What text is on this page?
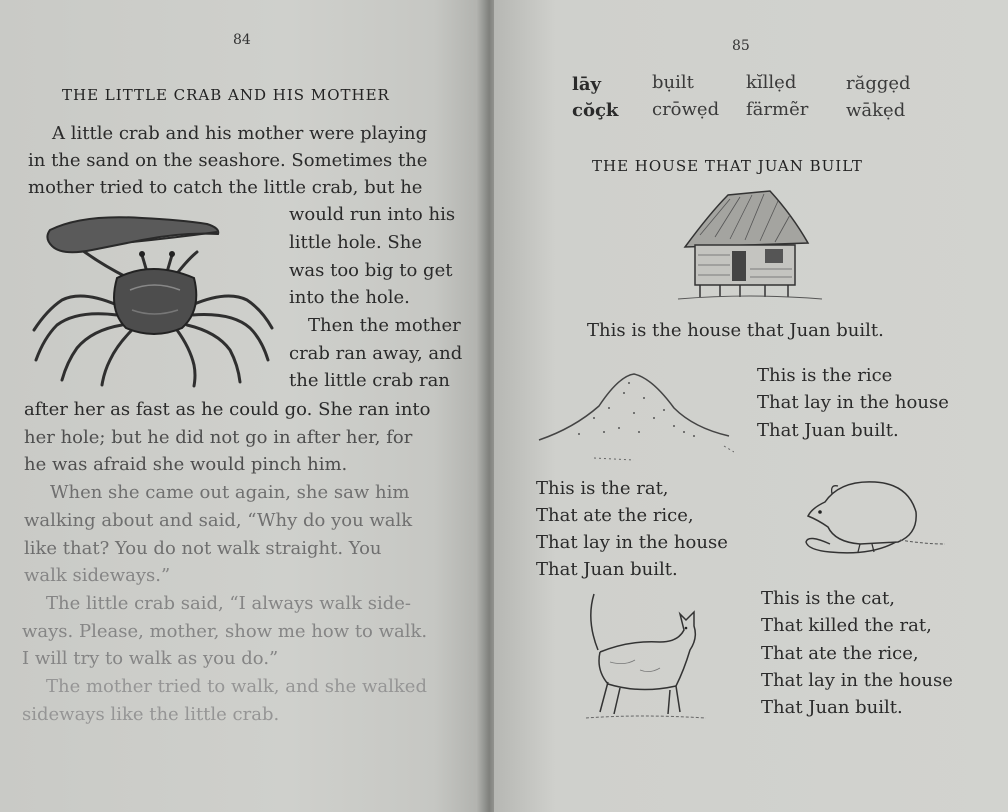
84
THE LITTLE CRAB AND HIS MOTHER
A little crab and his mother were playing
in the sand on the seashore. Sometimes the
mother tried to catch the little crab, but he
would run into his
little hole. She
was too big to get
into the hole.
Then the mother
crab ran away, and
the little crab ran
after her as fast as he could go. She ran into
her hole; but he did not go in after her, for
he was afraid she would pinch him.
When she came out again, she saw him
walking about and said, “Why do you walk
like that? You do not walk straight. You
walk sideways.”
The little crab said, “I always walk side-
ways. Please, mother, show me how to walk.
I will try to walk as you do.”
The mother tried to walk, and she walked
sideways like the little crab.
85
lāy	bụilt	kĭllẹd	răggẹd
cŏçk crōwẹd färmẽr wākẹd
THE HOUSE THAT JUAN BUILT
This is the house that Juan built.
This is the rice
That lay in the house
That Juan built.
This is the rat,
That ate the rice,
That lay in the house
That Juan built.
This is the cat,
That killed the rat,
That ate the rice,
That lay in the house
That Juan built.
